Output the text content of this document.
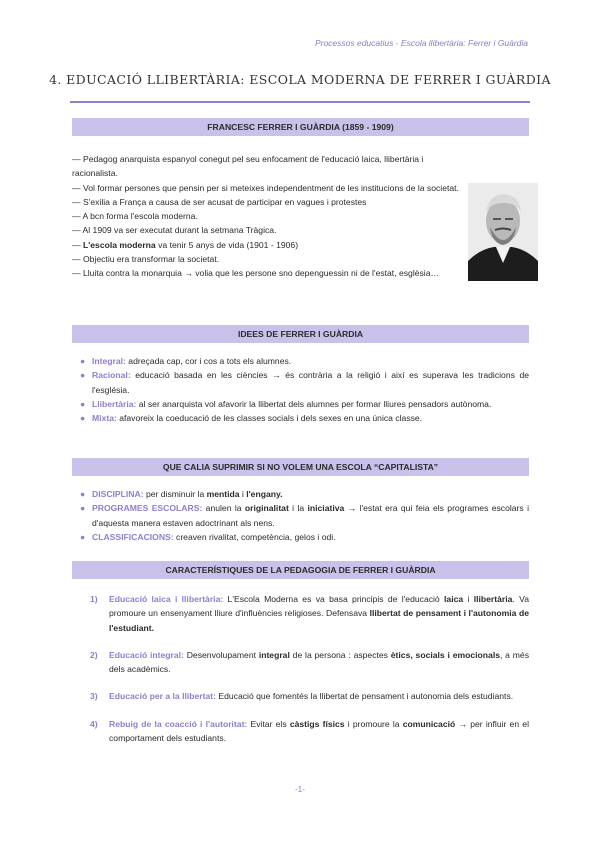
Processos educatius - Escola llibertària: Ferrer i Guàrdia
4. EDUCACIÓ LLIBERTÀRIA: ESCOLA MODERNA DE FERRER I GUÀRDIA
FRANCESC FERRER I GUÀRDIA (1859 - 1909)

— Pedagog anarquista espanyol conegut pel seu enfocament de l'educació laica, llibertària i racionalista.

— Vol formar persones que pensin per si meteixes independentment de les institucions de la societat.

— S'exilia a França a causa de ser acusat de participar en vagues i protestes

— A bcn forma l'escola moderna.

— Al 1909 va ser executat durant la setmana Tràgica.

— L'escola moderna va tenir 5 anys de vida (1901 - 1906)

— Objectiu era transformar la societat.

— Lluita contra la monarquia → volia que les persone sno depenguessin ni de l'estat, esglèsia…

IDEES DE FERRER I GUÀRDIA
● Integral: adreçada cap, cor i cos a tots els alumnes.
● Racional: educació basada en les ciències → és contrària a la religió i així es superava les tradicions de l'església.
● Llibertària: al ser anarquista vol afavorir la llibertat dels alumnes per formar lliures pensadors autònoma.
● Mixta: afavoreix la coeducació de les classes socials i dels sexes en una única classe.
QUE CALIA SUPRIMIR SI NO VOLEM UNA ESCOLA “CAPITALISTA”
● DISCIPLINA: per disminuir la mentida i l'engany.
● PROGRAMES ESCOLARS: anulen la originalitat i la iniciativa → l'estat era qui feia els programes escolars i d'aquesta manera estaven adoctrinant als nens.
● CLASSIFICACIONS: creaven rivalitat, competència, gelos i odi.
CARACTERÍSTIQUES DE LA PEDAGOGIA DE FERRER I GUÀRDIA
1) Educació laica i llibertària: L'Escola Moderna es va basa principis de l'educació laica i llibertària. Va promoure un ensenyament lliure d'influències religioses. Defensava llibertat de pensament i l'autonomia de l'estudiant.
2) Educació integral: Desenvolupament integral de la persona : aspectes ètics, socials i emocionals, a més dels acadèmics.
3) Educació per a la llibertat: Educació que fomentés la llibertat de pensament i autonomia dels estudiants.
4) Rebuig de la coacció i l'autoritat: Evitar els càstigs físics i promoure la comunicació → per influir en el comportament dels estudiants.
-1-
